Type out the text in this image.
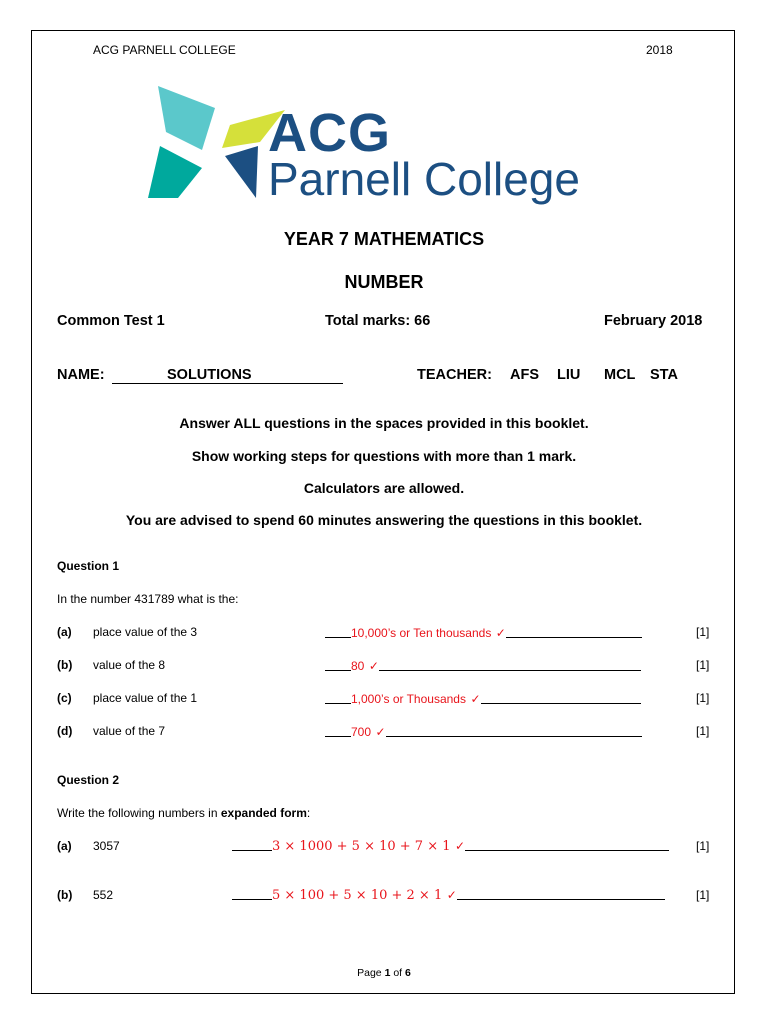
ACG PARNELL COLLEGE	2018
ACG
Parnell College
YEAR 7 MATHEMATICS
NUMBER
Common Test 1	Total marks: 66	February 2018
NAME:	SOLUTIONS	TEACHER: AFS LIU MCL STA
Answer ALL questions in the spaces provided in this booklet.
Show working steps for questions with more than 1 mark.
Calculators are allowed.
You are advised to spend 60 minutes answering the questions in this booklet.
Question 1
In the number 431789 what is the:
(a) place value of the 3	10,000’s or Ten thousands ✓	[1]
(b) value of the 8	80 ✓	[1]
(c) place value of the 1	1,000’s or Thousands ✓	[1]
(d) value of the 7	700 ✓	[1]
Question 2
Write the following numbers in expanded form:
(a) 3057	3 × 1000 + 5 × 10 + 7 × 1 ✓	[1]
(b) 552	5 × 100 + 5 × 10 + 2 × 1 ✓	[1]
Page 1 of 6
